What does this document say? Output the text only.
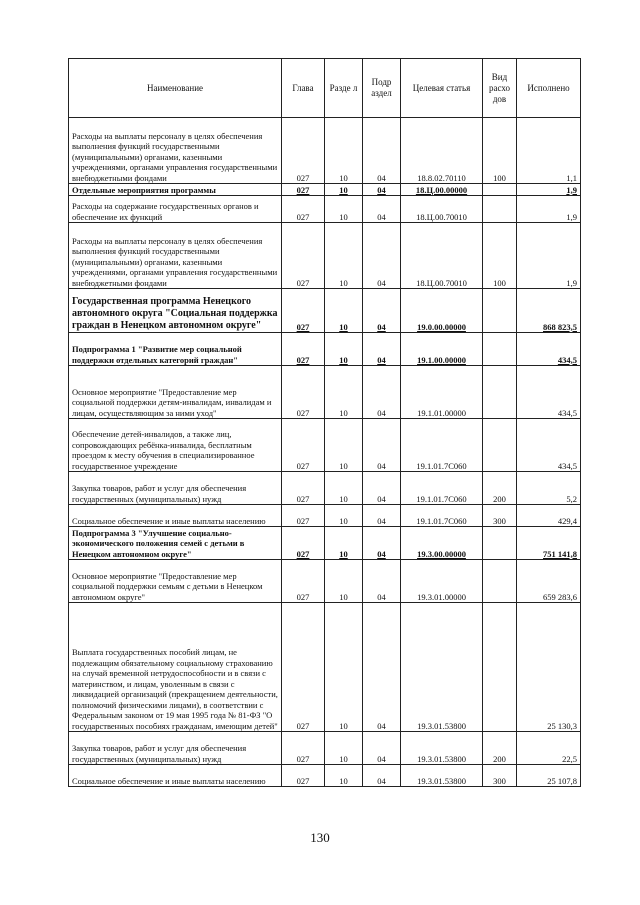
Наименование	Глава	Разде л	Подр аздел	Целевая статья	Вид расхо дов	Исполнено
Расходы на выплаты персоналу в целях обеспечения выполнения функций государственными (муниципальными) органами, казенными учреждениями, органами управления государственными внебюджетными фондами	027	10	04	18.8.02.70110	100	1,1
Отдельные мероприятия программы	027	10	04	18.Ц.00.00000		1,9
Расходы на содержание государственных органов и обеспечение их функций	027	10	04	18.Ц.00.70010		1,9
Расходы на выплаты персоналу в целях обеспечения выполнения функций государственными (муниципальными) органами, казенными учреждениями, органами управления государственными внебюджетными фондами	027	10	04	18.Ц.00.70010	100	1,9
Государственная программа Ненецкого автономного округа "Социальная поддержка граждан в Ненецком автономном округе"	027	10	04	19.0.00.00000		868 823,5
Подпрограмма 1 "Развитие мер социальной поддержки отдельных категорий граждан"	027	10	04	19.1.00.00000		434,5
Основное мероприятие "Предоставление мер социальной поддержки детям-инвалидам, инвалидам и лицам, осуществляющим за ними уход"	027	10	04	19.1.01.00000		434,5
Обеспечение детей-инвалидов, а также лиц, сопровождающих ребёнка-инвалида, бесплатным проездом к месту обучения в специализированное государственное учреждение	027	10	04	19.1.01.7C060		434,5
Закупка товаров, работ и услуг для обеспечения государственных (муниципальных) нужд	027	10	04	19.1.01.7C060	200	5,2
Социальное обеспечение и иные выплаты населению	027	10	04	19.1.01.7C060	300	429,4
Подпрограмма 3 "Улучшение социально-экономического положения семей с детьми в Ненецком автономном округе"	027	10	04	19.3.00.00000		751 141,8
Основное мероприятие "Предоставление мер социальной поддержки семьям с детьми в Ненецком автономном округе"	027	10	04	19.3.01.00000		659 283,6
Выплата государственных пособий лицам, не подлежащим обязательному социальному страхованию на случай временной нетрудоспособности и в связи с материнством, и лицам, уволенным в связи с ликвидацией организаций (прекращением деятельности, полномочий физическими лицами), в соответствии с Федеральным законом от 19 мая 1995 года № 81-ФЗ "О государственных пособиях гражданам, имеющим детей"	027	10	04	19.3.01.53800		25 130,3
Закупка товаров, работ и услуг для обеспечения государственных (муниципальных) нужд	027	10	04	19.3.01.53800	200	22,5
Социальное обеспечение и иные выплаты населению	027	10	04	19.3.01.53800	300	25 107,8
130
